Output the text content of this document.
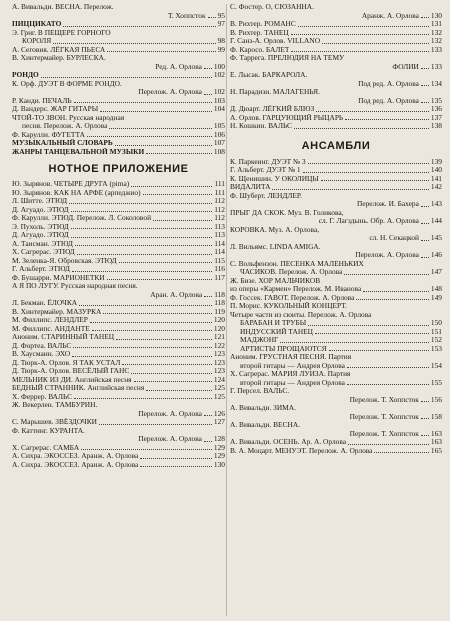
А. Вивальди. ВЕСНА. Перелож.
Т. Хоппсток 95
ПИЦЦИКАТО	97
Э. Григ. В ПЕЩЕРЕ ГОРНОГО
КОРОЛЯ	98
А. Сеговия. ЛЁГКАЯ ПЬЕСА	99
В. Хинтермайер. БУРЛЕСКА.
Ред. А. Орлова 100
РОНДО	102
К. Орф. ДУЭТ В ФОРМЕ РОНДО.
Перелож. А. Орлова 102
Р. Канди. ПЕЧАЛЬ	103
Д. Вандерс. ЖАР ГИТАРЫ	104
ЧТОЙ-ТО ЗВОН. Русская народная
песня. Перелож. А. Орлова	105
Ф. Карулли. ФУГЕТТА	106
МУЗЫКАЛЬНЫЙ СЛОВАРЬ	107
ЖАНРЫ ТАНЦЕВАЛЬНОЙ МУЗЫКИ	108
НОТНОЕ ПРИЛОЖЕНИЕ
Ю. Зырянов. ЧЕТЫРЕ ДРУГА (pima)	111
Ю. Зырянов. КАК НА АРФЕ (арпеджио)	111
Л. Шитте. ЭТЮД	112
Д. Агуадо. ЭТЮД	112
Ф. Карулли. ЭТЮД. Перелож. Л. Соколовой	112
Э. Пухоль. ЭТЮД	113
Д. Агуадо. ЭТЮД	113
А. Таисман. ЭТЮД	114
Х. Сагрерас. ЭТЮД	114
М. Зеленка-Я. Обровская. ЭТЮД	115
Г. Альберт. ЭТЮД	116
Ф. Бушарри. МАРИОНЕТКИ	117
А Я ПО ЛУГУ. Русская народная песня.
Аран. А. Орлова 118
Л. Бекман. ЁЛОЧКА	118
В. Хинтермайер. МАЗУРКА	119
М. Филлипс. ЛЕНДЛЕР	120
М. Филлипс. АНДАНТЕ	120
Аноним. СТАРИННЫЙ ТАНЕЦ	121
Д. Фортеа. ВАЛЬС	122
В. Хаусманн. ЭХО	123
Д. Тюрк-А. Орлов. Я ТАК УСТАЛ	123
Д. Тюрк-А. Орлов. ВЕСЁЛЫЙ ГАНС	123
МЕЛЬНИК ИЗ ДИ. Английская песня	124
БЕДНЫЙ СТРАННИК. Английская песня	125
Х. Феррер. ВАЛЬС	125
Ж. Векерлен. ТАМБУРИН.
Перелож. А. Орлова 126
С. Марышев. ЗВЁЗДОЧКИ	127
Ф. Каттинг. КУРАНТА.
Перелож. А. Орлова 128
Х. Сагрерас. САМБА	129
А. Сихра. ЭКОССЕЗ. Аранж. А. Орлова	129
А. Сихра. ЭКОССЕЗ. Аранж. А. Орлова	130
С. Фостер. О, СЮЗАННА.
Аранж. А. Орлова 130
В. Рихтер. РОМАНС	131
В. Рихтер. ТАНЕЦ	132
Г. Санз-А. Орлов. VILLANO	132
Ф. Каросо. БАЛЕТ	133
Ф. Таррега. ПРЕЛЮДИЯ НА ТЕМУ
ФОЛИИ 133
Е. Лысак. БАРКАРОЛА.
Под ред. А. Орлова 134
Н. Парадизи. МАЛАГЕНЬЯ.
Под ред. А. Орлова 135
Д. Дюарт. ЛЁГКИЙ БЛЮЗ	136
А. Орлов. ГАРЦУЮЩИЙ РЫЦАРЬ	137
Н. Кошкин. ВАЛЬС	138
АНСАМБЛИ
К. Паркеинг. ДУЭТ № 3	139
Г. Альберт. ДУЭТ № 1	140
К. Щенишин. У ОКОЛИЦЫ	141
ВИДАЛИТА	142
Ф. Шуберт. ЛЕНДЛЕР.
Перелож. И. Бахера 143
ПРЫГ ДА СКОК. Муз. В. Голикова,
сл. Г. Лагздынь. Обр. А. Орлова 144
КОРОВКА. Муз. А. Орлова,
сл. Н. Секацкой 145
Л. Вильямс. LINDA AMIGA.
Перелож. А. Орлова 146
С. Вольфензон. ПЕСЕНКА МАЛЕНЬКИХ
ЧАСИКОВ. Перелож. А. Орлова	147
Ж. Бизе. ХОР МАЛЬЧИКОВ
из оперы «Кармен» Перелож. М. Иванова	148
Ф. Госсек. ГАВОТ. Перелож. А. Орлова	149
П. Морис. КУКОЛЬНЫЙ КОНЦЕРТ.
Четыре части из сюиты. Перелож. А. Орлова
БАРАБАН И ТРУБЫ	150
ИНДУССКИЙ ТАНЕЦ	151
МАДЖОНГ	152
АРТИСТЫ ПРОЩАЮТСЯ	153
Аноним. ГРУСТНАЯ ПЕСНЯ. Партия
второй гитары — Андрея Орлова	154
Х. Сагрерас. МАРИЯ ЛУИЗА. Партия
второй гитары — Андрея Орлова	155
Г. Персел. ВАЛЬС.
Перелож. Т. Хоппсток 156
А. Вивальди. ЗИМА.
Перелож. Т. Хоппсток 158
А. Вивальди. ВЕСНА.
Перелож. Т. Хоппсток 163
А. Вивальди. ОСЕНЬ. Ар. А. Орлова	163
В. А. Моцарт. МЕНУЭТ. Перелож. А. Орлова	165
